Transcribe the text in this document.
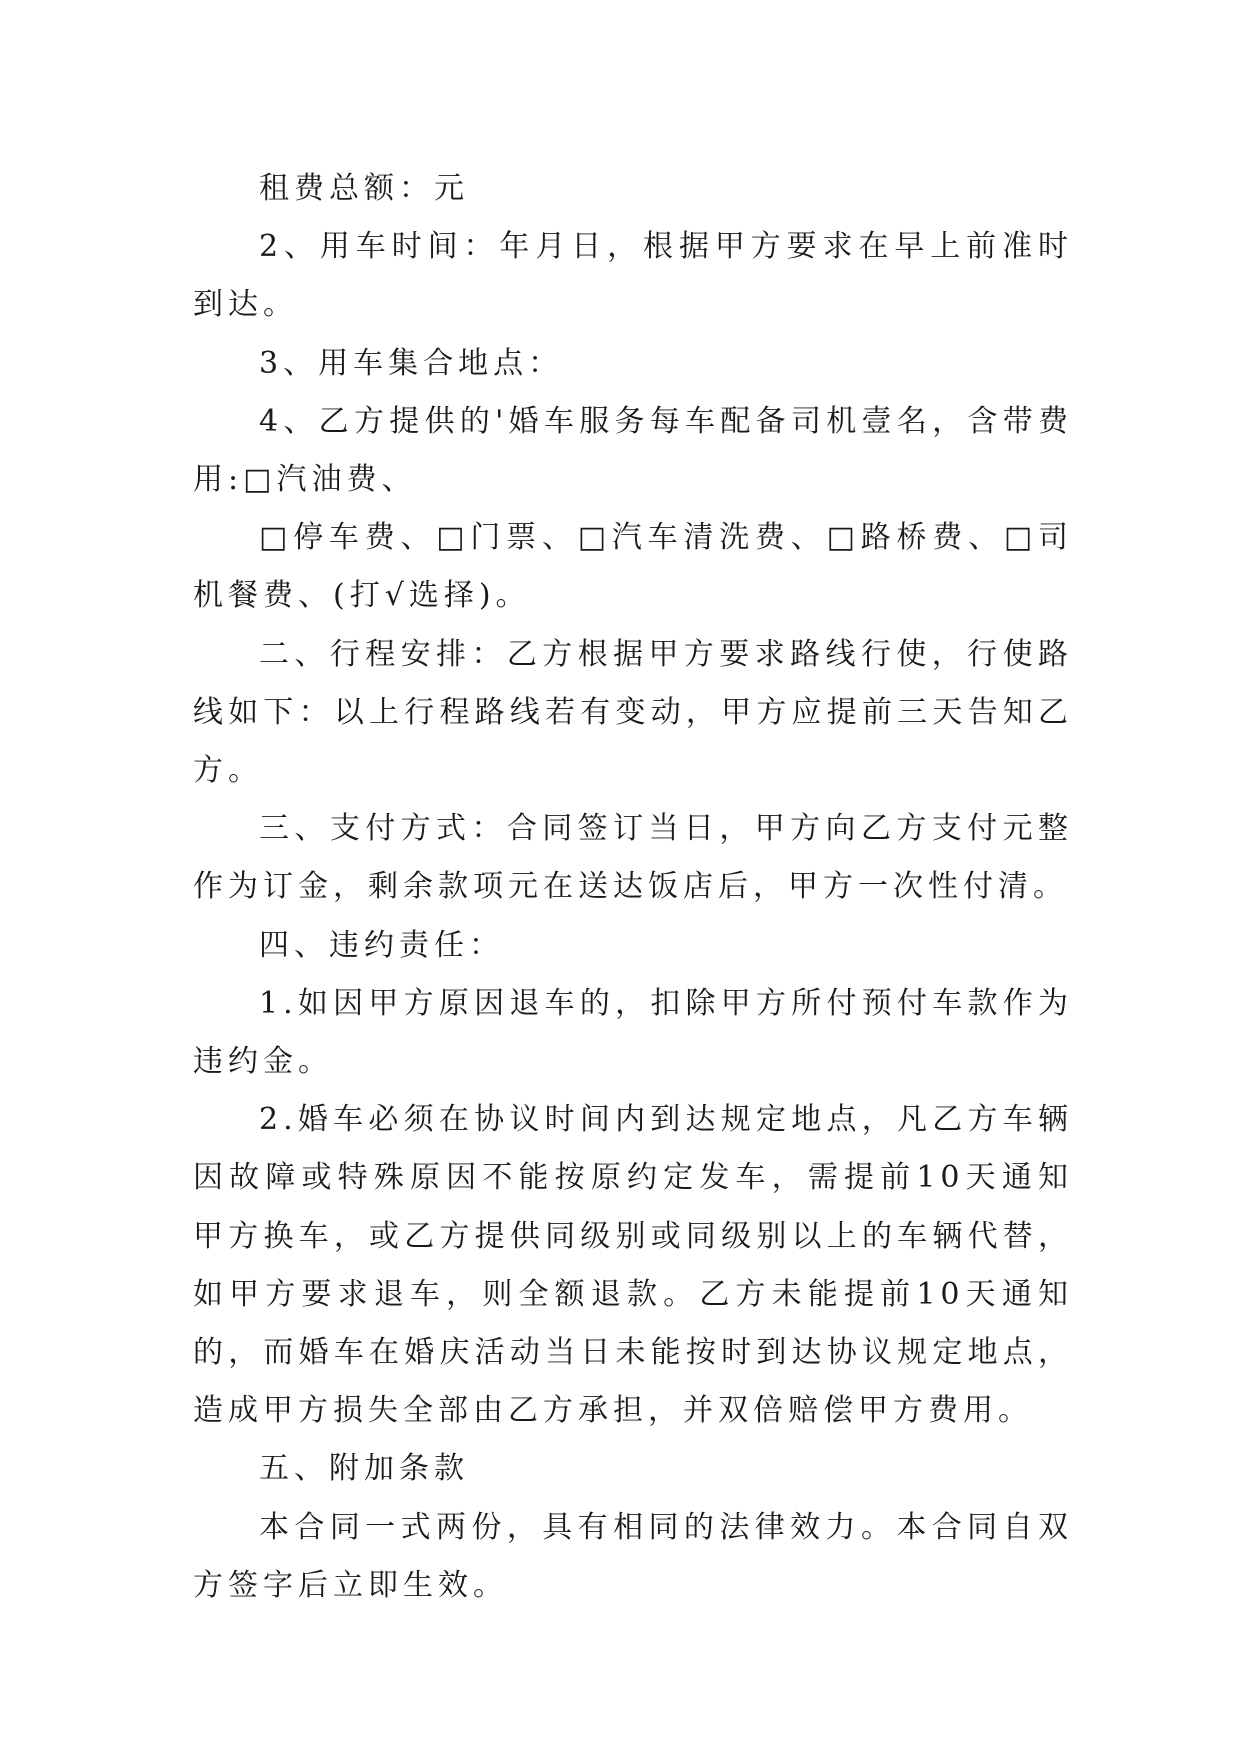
租费总额：元

2、用车时间：年月日，根据甲方要求在早上前准时到达。

3、用车集合地点：

4、乙方提供的'婚车服务每车配备司机壹名，含带费用:□汽油费、

□停车费、□门票、□汽车清洗费、□路桥费、□司机餐费、(打√选择)。

二、行程安排：乙方根据甲方要求路线行使，行使路线如下：以上行程路线若有变动，甲方应提前三天告知乙方。

三、支付方式：合同签订当日，甲方向乙方支付元整作为订金，剩余款项元在送达饭店后，甲方一次性付清。

四、违约责任：

1.如因甲方原因退车的，扣除甲方所付预付车款作为违约金。

2.婚车必须在协议时间内到达规定地点，凡乙方车辆因故障或特殊原因不能按原约定发车，需提前10天通知甲方换车，或乙方提供同级别或同级别以上的车辆代替，如甲方要求退车，则全额退款。乙方未能提前10天通知的，而婚车在婚庆活动当日未能按时到达协议规定地点，造成甲方损失全部由乙方承担，并双倍赔偿甲方费用。

五、附加条款

本合同一式两份，具有相同的法律效力。本合同自双方签字后立即生效。
